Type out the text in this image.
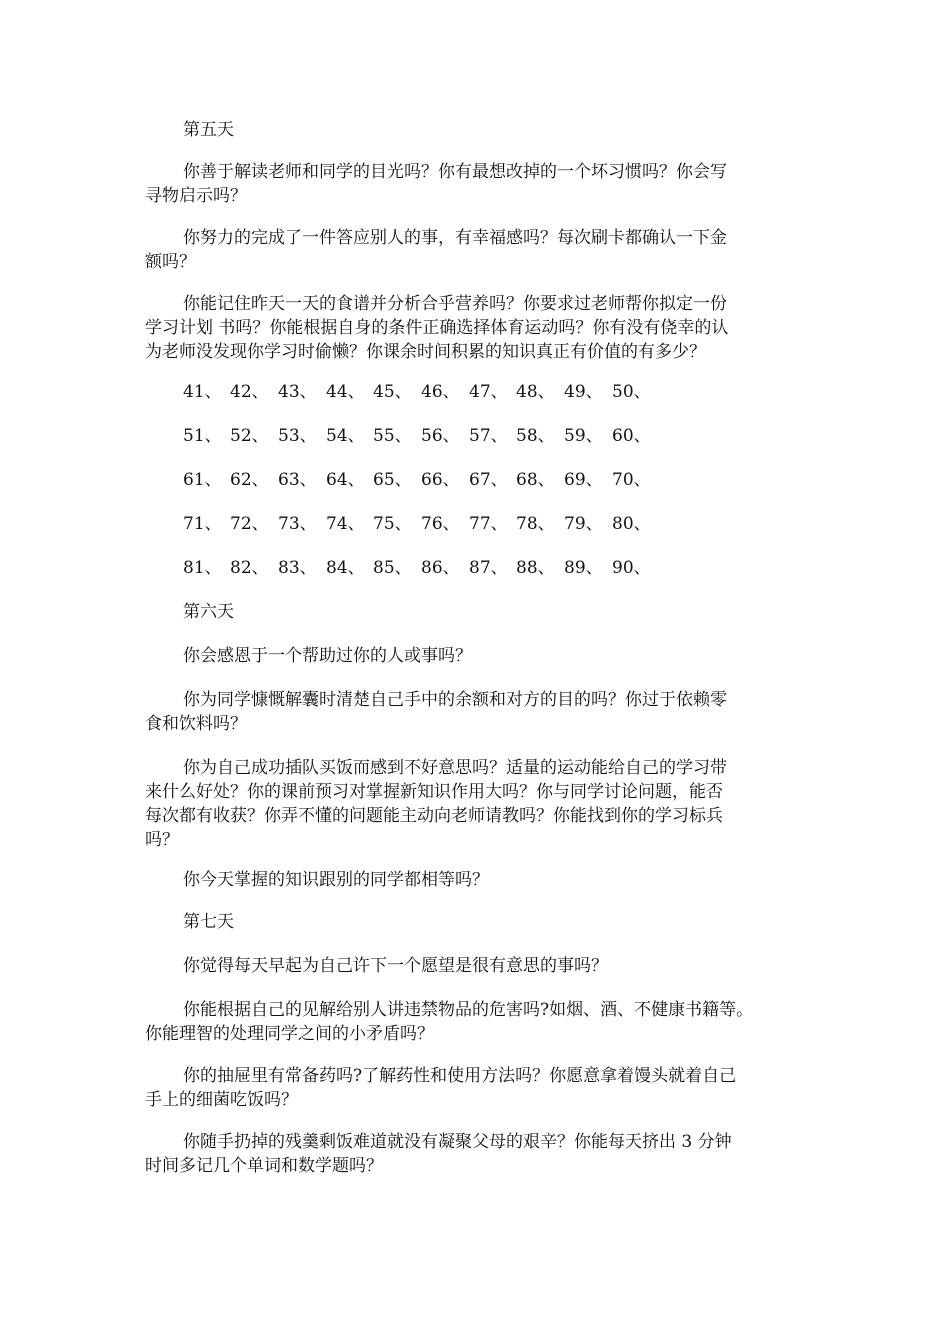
第五天
你善于解读老师和同学的目光吗？你有最想改掉的一个坏习惯吗？你会写
寻物启示吗？
你努力的完成了一件答应别人的事，有幸福感吗？每次刷卡都确认一下金
额吗？
你能记住昨天一天的食谱并分析合乎营养吗？你要求过老师帮你拟定一份
学习计划 书吗？你能根据自身的条件正确选择体育运动吗？你有没有侥幸的认
为老师没发现你学习时偷懒？你课余时间积累的知识真正有价值的有多少？
41、 42、 43、 44、 45、 46、 47、 48、 49、 50、
51、 52、 53、 54、 55、 56、 57、 58、 59、 60、
61、 62、 63、 64、 65、 66、 67、 68、 69、 70、
71、 72、 73、 74、 75、 76、 77、 78、 79、 80、
81、 82、 83、 84、 85、 86、 87、 88、 89、 90、
第六天
你会感恩于一个帮助过你的人或事吗？
你为同学慷慨解囊时清楚自己手中的余额和对方的目的吗？你过于依赖零
食和饮料吗？
你为自己成功插队买饭而感到不好意思吗？适量的运动能给自己的学习带
来什么好处？你的课前预习对掌握新知识作用大吗？你与同学讨论问题，能否
每次都有收获？你弄不懂的问题能主动向老师请教吗？你能找到你的学习标兵
吗？
你今天掌握的知识跟别的同学都相等吗？
第七天
你觉得每天早起为自己许下一个愿望是很有意思的事吗？
你能根据自己的见解给别人讲违禁物品的危害吗?如烟、酒、不健康书籍等。
你能理智的处理同学之间的小矛盾吗？
你的抽屉里有常备药吗?了解药性和使用方法吗？你愿意拿着馒头就着自己
手上的细菌吃饭吗？
你随手扔掉的残羹剩饭难道就没有凝聚父母的艰辛？你能每天挤出 3 分钟
时间多记几个单词和数学题吗？
